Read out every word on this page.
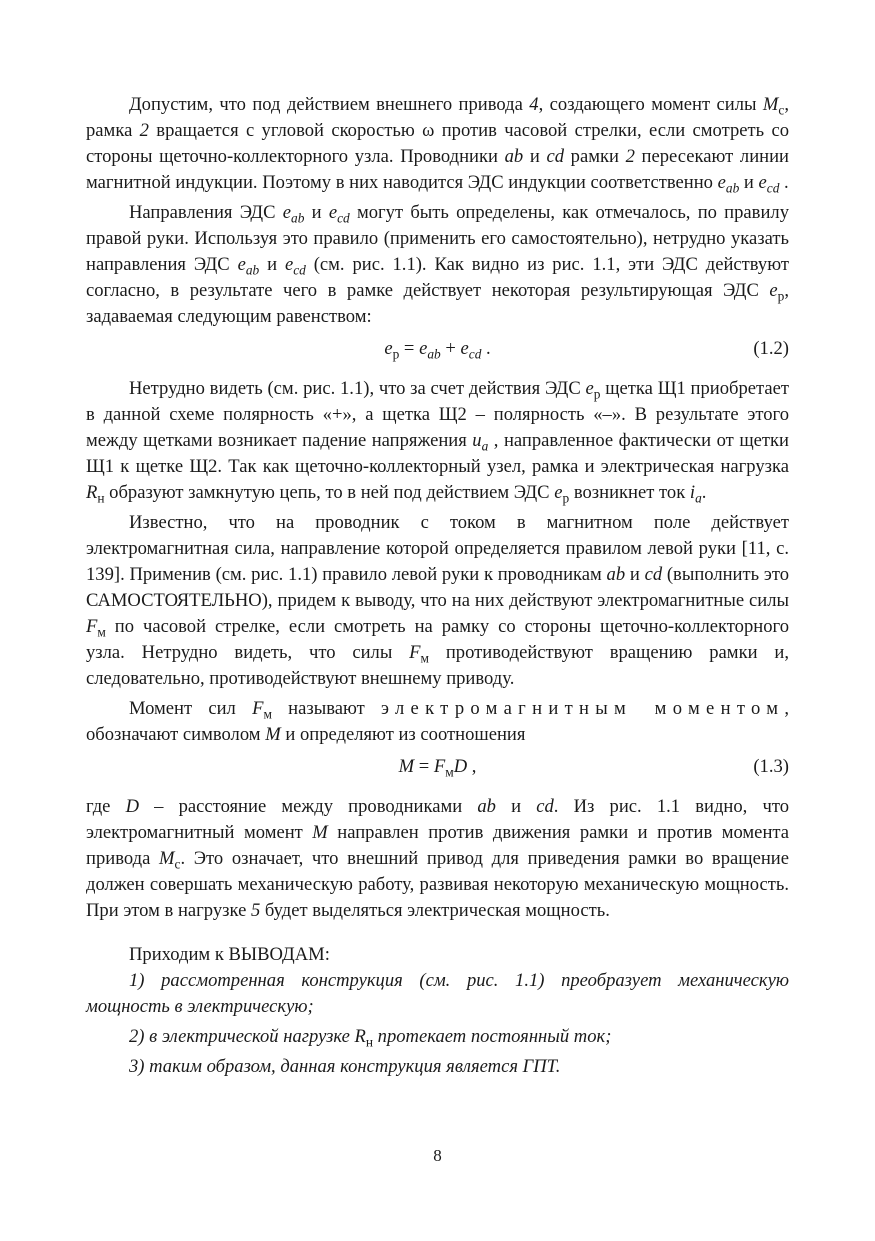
Допустим, что под действием внешнего привода 4, создающего момент силы $M_с$, рамка 2 вращается с угловой скоростью ω против часовой стрелки, если смотреть со стороны щеточно-коллекторного узла. Проводники ab и cd рамки 2 пересекают линии магнитной индукции. Поэтому в них наводится ЭДС индукции соответственно $e_{ab}$ и $e_{cd}$ .

Направления ЭДС $e_{ab}$ и $e_{cd}$ могут быть определены, как отмечалось, по правилу правой руки. Используя это правило (применить его самостоятельно), нетрудно указать направления ЭДС $e_{ab}$ и $e_{cd}$ (см. рис. 1.1). Как видно из рис. 1.1, эти ЭДС действуют согласно, в результате чего в рамке действует некоторая результирующая ЭДС $e_р$, задаваемая следующим равенством:

$e_р = e_{ab} + e_{cd}$ .	(1.2)

Нетрудно видеть (см. рис. 1.1), что за счет действия ЭДС $e_р$ щетка Щ1 приобретает в данной схеме полярность «+», а щетка Щ2 – полярность «–». В результате этого между щетками возникает падение напряжения $u_a$ , направленное фактически от щетки Щ1 к щетке Щ2. Так как щеточно-коллекторный узел, рамка и электрическая нагрузка $R_н$ образуют замкнутую цепь, то в ней под действием ЭДС $e_р$ возникнет ток $i_a$.

Известно, что на проводник с током в магнитном поле действует электромагнитная сила, направление которой определяется правилом левой руки [11, с. 139]. Применив (см. рис. 1.1) правило левой руки к проводникам ab и cd (выполнить это САМОСТОЯТЕЛЬНО), придем к выводу, что на них действуют электромагнитные силы $F_м$ по часовой стрелке, если смотреть на рамку со стороны щеточно-коллекторного узла. Нетрудно видеть, что силы $F_м$ противодействуют вращению рамки и, следовательно, противодействуют внешнему приводу.

Момент сил $F_м$ называют электромагнитным моментом, обозначают символом M и определяют из соотношения

$M = F_мD$ ,	(1.3)

где D – расстояние между проводниками ab и cd. Из рис. 1.1 видно, что электромагнитный момент M направлен против движения рамки и против момента привода $M_с$. Это означает, что внешний привод для приведения рамки во вращение должен совершать механическую работу, развивая некоторую механическую мощность. При этом в нагрузке 5 будет выделяться электрическая мощность.

Приходим к ВЫВОДАМ:

1) рассмотренная конструкция (см. рис. 1.1) преобразует механическую мощность в электрическую;

2) в электрической нагрузке $R_н$ протекает постоянный ток;

3) таким образом, данная конструкция является ГПТ.

8
